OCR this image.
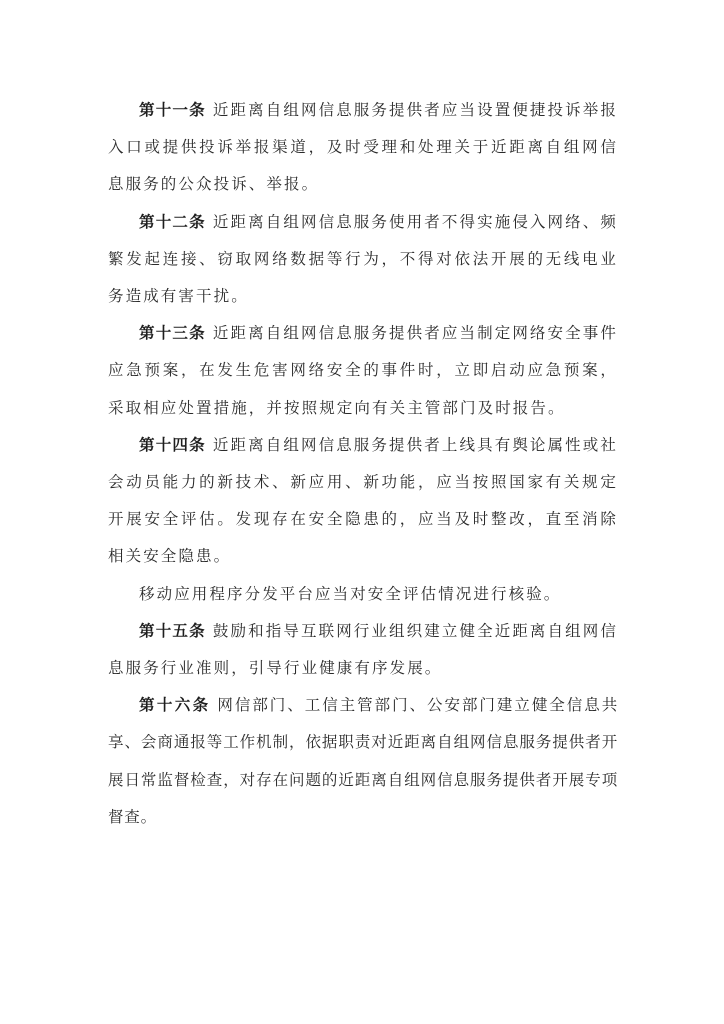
第十一条 近距离自组网信息服务提供者应当设置便捷投诉举报入口或提供投诉举报渠道，及时受理和处理关于近距离自组网信息服务的公众投诉、举报。

第十二条 近距离自组网信息服务使用者不得实施侵入网络、频繁发起连接、窃取网络数据等行为，不得对依法开展的无线电业务造成有害干扰。

第十三条 近距离自组网信息服务提供者应当制定网络安全事件应急预案，在发生危害网络安全的事件时，立即启动应急预案，采取相应处置措施，并按照规定向有关主管部门及时报告。

第十四条 近距离自组网信息服务提供者上线具有舆论属性或社会动员能力的新技术、新应用、新功能，应当按照国家有关规定开展安全评估。发现存在安全隐患的，应当及时整改，直至消除相关安全隐患。

移动应用程序分发平台应当对安全评估情况进行核验。

第十五条 鼓励和指导互联网行业组织建立健全近距离自组网信息服务行业准则，引导行业健康有序发展。

第十六条 网信部门、工信主管部门、公安部门建立健全信息共享、会商通报等工作机制，依据职责对近距离自组网信息服务提供者开展日常监督检查，对存在问题的近距离自组网信息服务提供者开展专项督查。
